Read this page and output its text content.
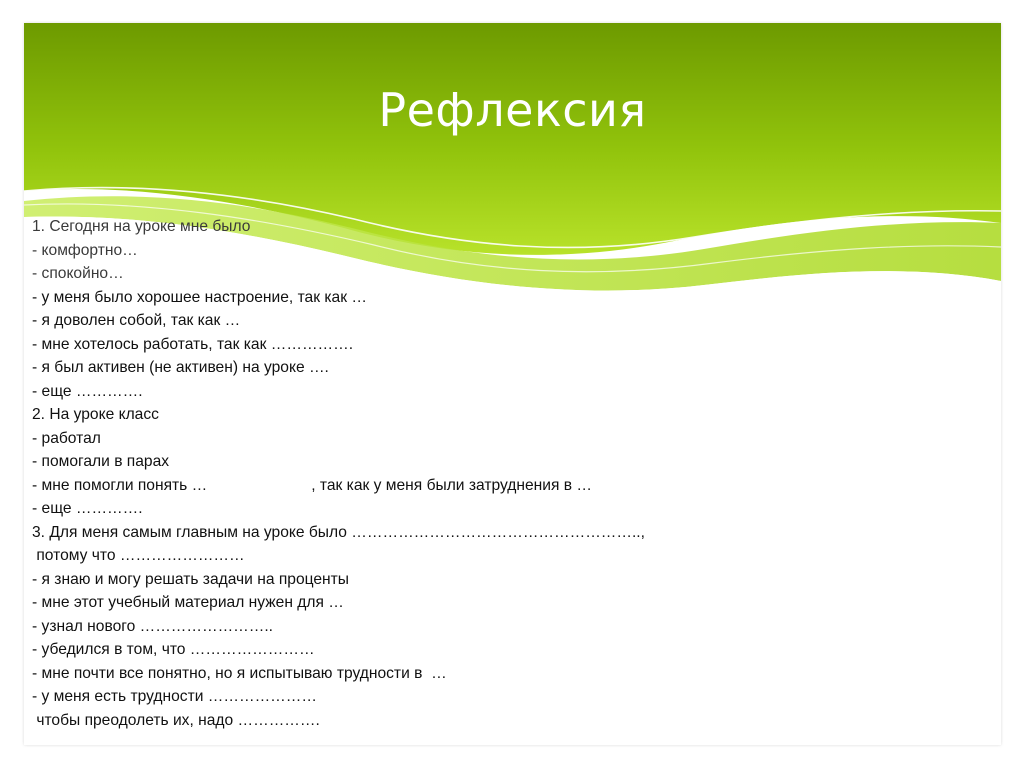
Рефлексия
1. Сегодня на уроке мне было
- комфортно…
- спокойно…
- у меня было хорошее настроение, так как …
- я доволен собой, так как …
- мне хотелось работать, так как …………….
- я был активен (не активен) на уроке ….
- еще ………….
2. На уроке класс
- работал
- помогали в парах
- мне помогли понять …                        , так как у меня были затруднения в …
- еще ………….
3. Для меня самым главным на уроке было ………………………………………………..,
потому что ……………………
- я знаю и могу решать задачи на проценты
- мне этот учебный материал нужен для …
- узнал нового ……………………..
- убедился в том, что ……………………
- мне почти все понятно, но я испытываю трудности в  …
- у меня есть трудности …………………
чтобы преодолеть их, надо …………….
